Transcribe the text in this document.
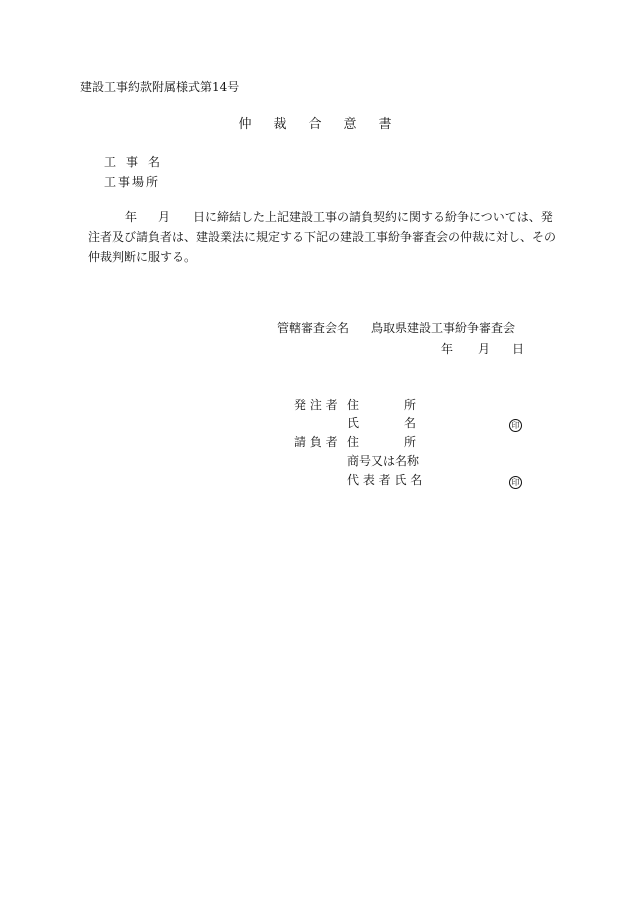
建設工事約款附属様式第14号
仲 裁 合 意 書
工 事 名
工 事 場 所
年 月 日に締結した上記建設工事の請負契約に関する紛争については、発
注者及び請負者は、建設業法に規定する下記の建設工事紛争審査会の仲裁に対し、その
仲裁判断に服する。
管轄審査会名 鳥取県建設工事紛争審査会
年 月 日
発 注 者 住	所
氏	名	印
請 負 者 住	所
商号又は名称
代 表 者 氏 名	印
